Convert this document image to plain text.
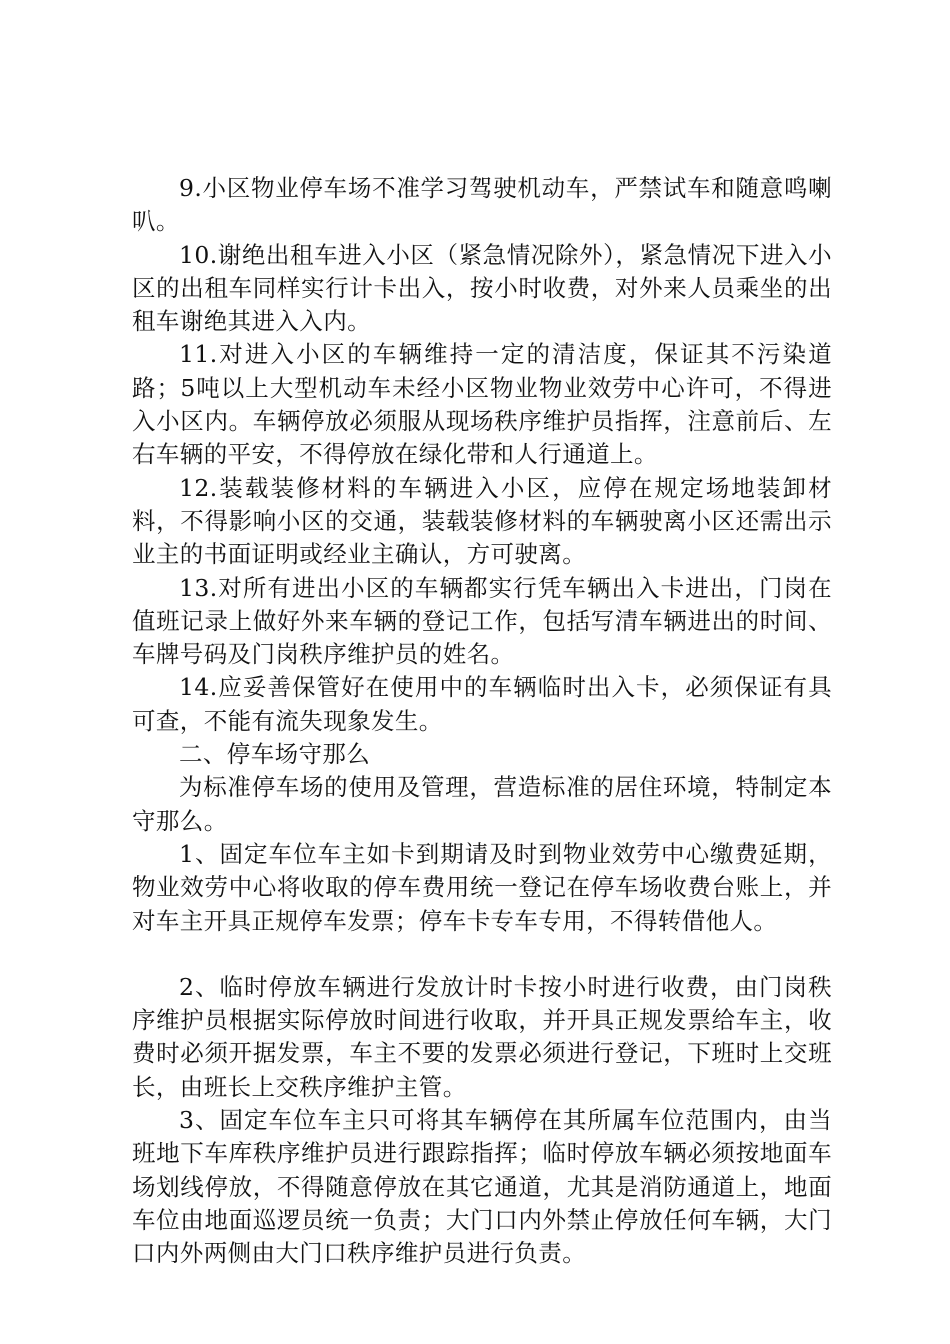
9.小区物业停车场不准学习驾驶机动车，严禁试车和随意鸣喇叭。

10.谢绝出租车进入小区（紧急情况除外），紧急情况下进入小区的出租车同样实行计卡出入，按小时收费，对外来人员乘坐的出租车谢绝其进入入内。

11.对进入小区的车辆维持一定的清洁度，保证其不污染道路；5吨以上大型机动车未经小区物业物业效劳中心许可，不得进入小区内。车辆停放必须服从现场秩序维护员指挥，注意前后、左右车辆的平安，不得停放在绿化带和人行通道上。

12.装载装修材料的车辆进入小区，应停在规定场地装卸材料，不得影响小区的交通，装载装修材料的车辆驶离小区还需出示业主的书面证明或经业主确认，方可驶离。

13.对所有进出小区的车辆都实行凭车辆出入卡进出，门岗在值班记录上做好外来车辆的登记工作，包括写清车辆进出的时间、车牌号码及门岗秩序维护员的姓名。

14.应妥善保管好在使用中的车辆临时出入卡，必须保证有具可查，不能有流失现象发生。

二、停车场守那么

为标准停车场的使用及管理，营造标准的居住环境，特制定本守那么。

1、固定车位车主如卡到期请及时到物业效劳中心缴费延期，物业效劳中心将收取的停车费用统一登记在停车场收费台账上，并对车主开具正规停车发票；停车卡专车专用，不得转借他人。

2、临时停放车辆进行发放计时卡按小时进行收费，由门岗秩序维护员根据实际停放时间进行收取，并开具正规发票给车主，收费时必须开据发票，车主不要的发票必须进行登记，下班时上交班长，由班长上交秩序维护主管。

3、固定车位车主只可将其车辆停在其所属车位范围内，由当班地下车库秩序维护员进行跟踪指挥；临时停放车辆必须按地面车场划线停放，不得随意停放在其它通道，尤其是消防通道上，地面车位由地面巡逻员统一负责；大门口内外禁止停放任何车辆，大门口内外两侧由大门口秩序维护员进行负责。
